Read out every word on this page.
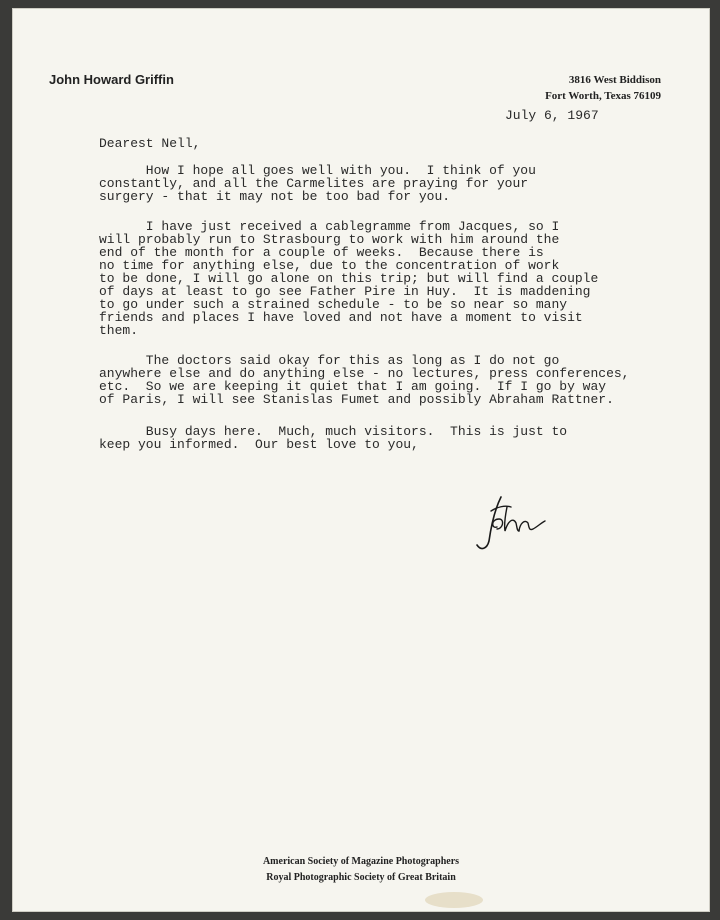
John Howard Griffin	3816 West Biddison
Fort Worth, Texas 76109
July 6, 1967
Dearest Nell,
How I hope all goes well with you.  I think of you
constantly, and all the Carmelites are praying for your
surgery - that it may not be too bad for you.
I have just received a cablegramme from Jacques, so I
will probably run to Strasbourg to work with him around the
end of the month for a couple of weeks.  Because there is
no time for anything else, due to the concentration of work
to be done, I will go alone on this trip; but will find a couple
of days at least to go see Father Pire in Huy.  It is maddening
to go under such a strained schedule - to be so near so many
friends and places I have loved and not have a moment to visit
them.
The doctors said okay for this as long as I do not go
anywhere else and do anything else - no lectures, press conferences,
etc.  So we are keeping it quiet that I am going.  If I go by way
of Paris, I will see Stanislas Fumet and possibly Abraham Rattner.
Busy days here.  Much, much visitors.  This is just to
keep you informed.  Our best love to you,
American Society of Magazine Photographers
Royal Photographic Society of Great Britain
